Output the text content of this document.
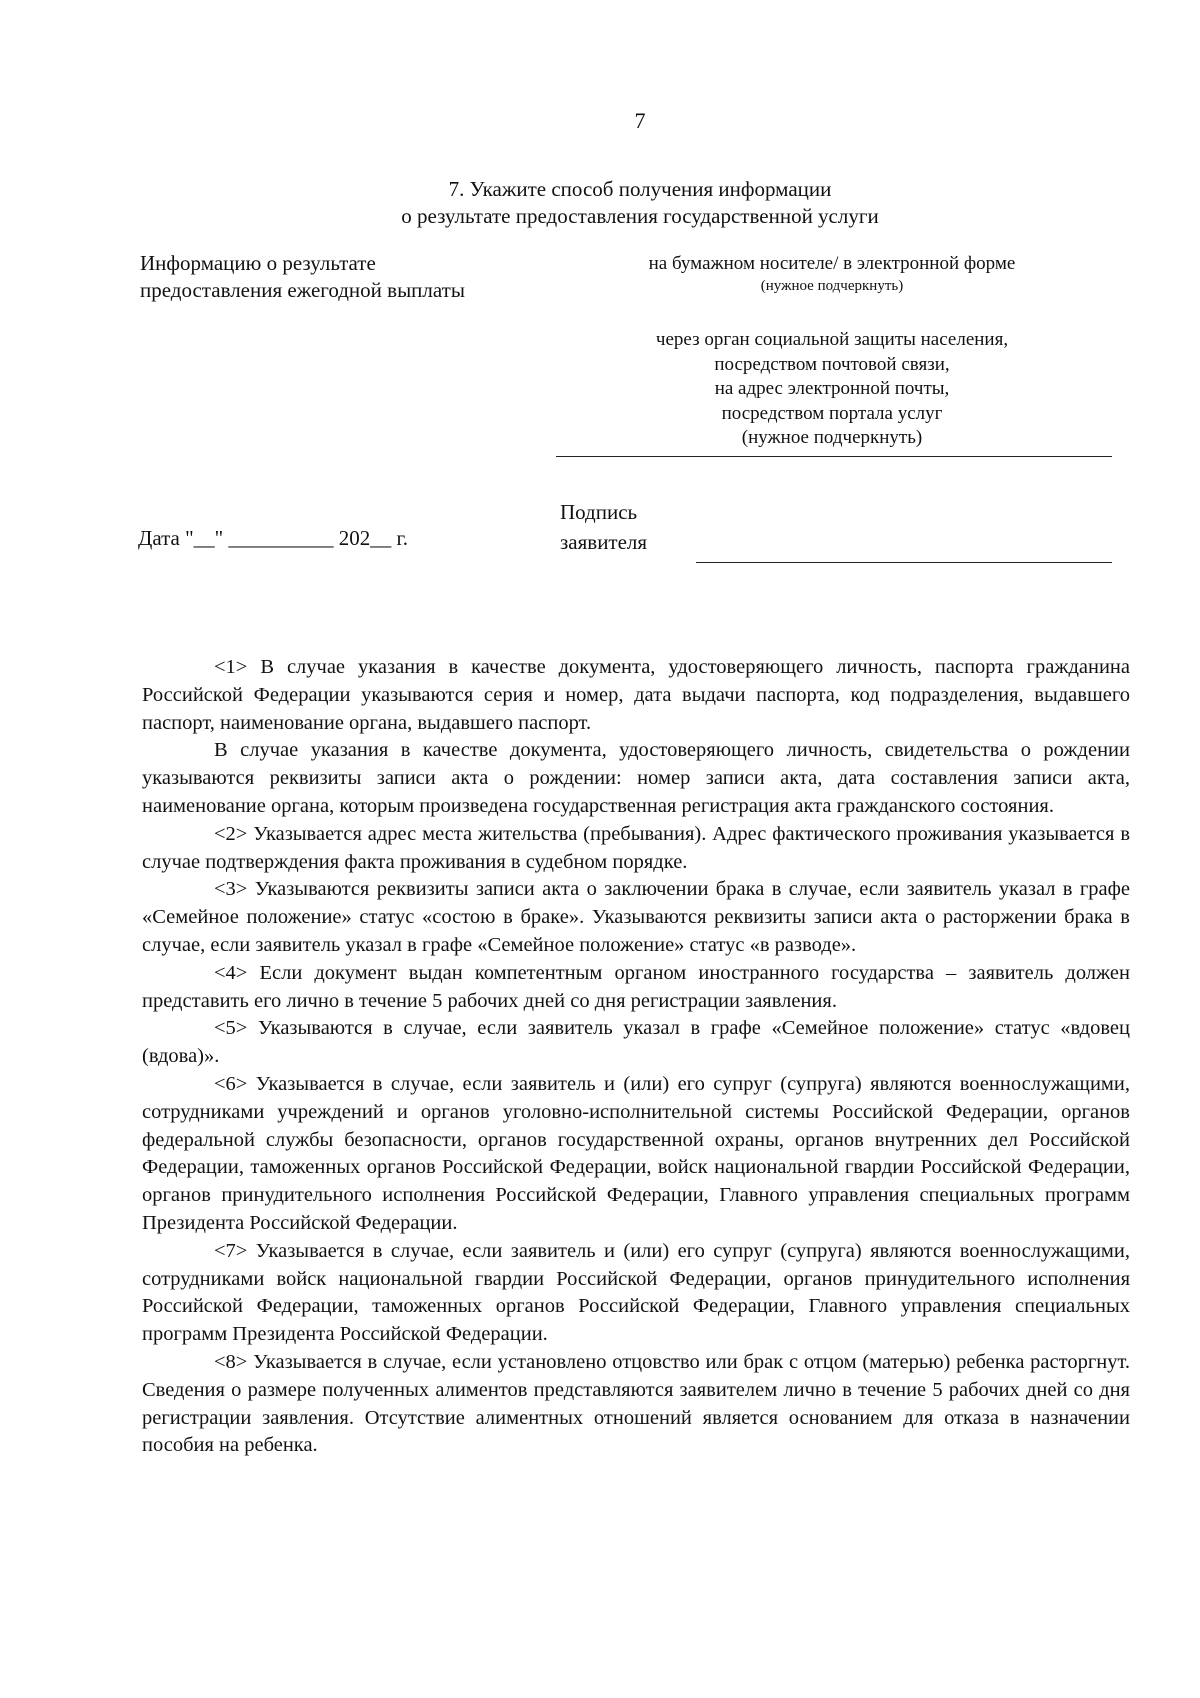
7
7. Укажите способ получения информации
о результате предоставления государственной услуги
Информацию о результате
предоставления ежегодной выплаты
на бумажном носителе/ в электронной форме
(нужное подчеркнуть)
через орган социальной защиты населения,
посредством почтовой связи,
на адрес электронной почты,
посредством портала услуг
(нужное подчеркнуть)
Дата "__" __________ 202__ г.
Подпись
заявителя

<1> В случае указания в качестве документа, удостоверяющего личность, паспорта гражданина Российской Федерации указываются серия и номер, дата выдачи паспорта, код подразделения, выдавшего паспорт, наименование органа, выдавшего паспорт.

В случае указания в качестве документа, удостоверяющего личность, свидетельства о рождении указываются реквизиты записи акта о рождении: номер записи акта, дата составления записи акта, наименование органа, которым произведена государственная регистрация акта гражданского состояния.

<2> Указывается адрес места жительства (пребывания). Адрес фактического проживания указывается в случае подтверждения факта проживания в судебном порядке.

<3> Указываются реквизиты записи акта о заключении брака в случае, если заявитель указал в графе «Семейное положение» статус «состою в браке». Указываются реквизиты записи акта о расторжении брака в случае, если заявитель указал в графе «Семейное положение» статус «в разводе».

<4> Если документ выдан компетентным органом иностранного государства – заявитель должен представить его лично в течение 5 рабочих дней со дня регистрации заявления.

<5> Указываются в случае, если заявитель указал в графе «Семейное положение» статус «вдовец (вдова)».

<6> Указывается в случае, если заявитель и (или) его супруг (супруга) являются военнослужащими, сотрудниками учреждений и органов уголовно-исполнительной системы Российской Федерации, органов федеральной службы безопасности, органов государственной охраны, органов внутренних дел Российской Федерации, таможенных органов Российской Федерации, войск национальной гвардии Российской Федерации, органов принудительного исполнения Российской Федерации, Главного управления специальных программ Президента Российской Федерации.

<7> Указывается в случае, если заявитель и (или) его супруг (супруга) являются военнослужащими, сотрудниками войск национальной гвардии Российской Федерации, органов принудительного исполнения Российской Федерации, таможенных органов Российской Федерации, Главного управления специальных программ Президента Российской Федерации.

<8> Указывается в случае, если установлено отцовство или брак с отцом (матерью) ребенка расторгнут. Сведения о размере полученных алиментов представляются заявителем лично в течение 5 рабочих дней со дня регистрации заявления. Отсутствие алиментных отношений является основанием для отказа в назначении пособия на ребенка.
